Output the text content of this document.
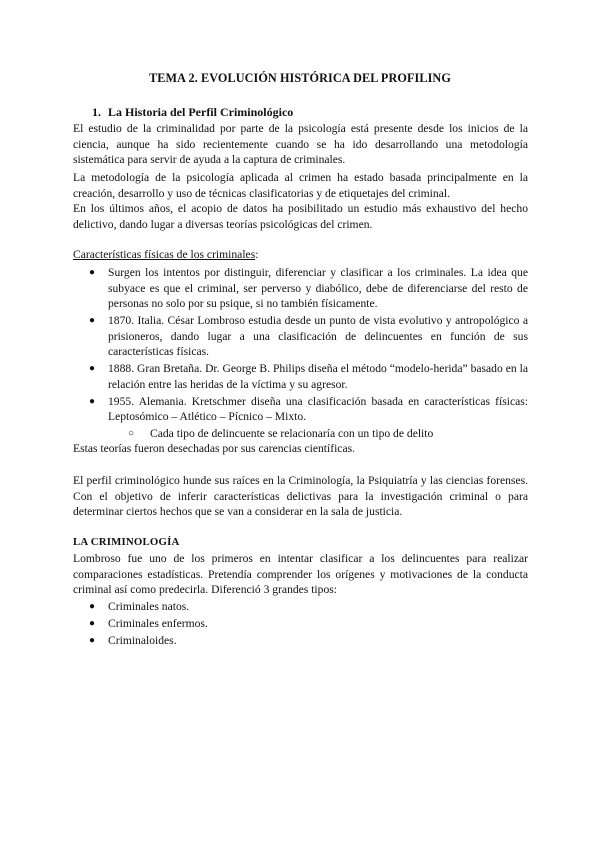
TEMA 2. EVOLUCIÓN HISTÓRICA DEL PROFILING
1. La Historia del Perfil Criminológico

El estudio de la criminalidad por parte de la psicología está presente desde los inicios de la ciencia, aunque ha sido recientemente cuando se ha ido desarrollando una metodología sistemática para servir de ayuda a la captura de criminales.

La metodología de la psicología aplicada al crimen ha estado basada principalmente en la creación, desarrollo y uso de técnicas clasificatorias y de etiquetajes del criminal.

En los últimos años, el acopio de datos ha posibilitado un estudio más exhaustivo del hecho delictivo, dando lugar a diversas teorías psicológicas del crimen.

Características físicas de los criminales:

● Surgen los intentos por distinguir, diferenciar y clasificar a los criminales. La idea que subyace es que el criminal, ser perverso y diabólico, debe de diferenciarse del resto de personas no solo por su psique, si no también físicamente.
● 1870. Italia. César Lombroso estudia desde un punto de vista evolutivo y antropológico a prisioneros, dando lugar a una clasificación de delincuentes en función de sus características físicas.
● 1888. Gran Bretaña. Dr. George B. Philips diseña el método “modelo-herida” basado en la relación entre las heridas de la víctima y su agresor.
● 1955. Alemania. Kretschmer diseña una clasificación basada en características físicas: Leptosómico – Atlético – Pícnico – Mixto.
○ Cada tipo de delincuente se relacionaría con un tipo de delito

Estas teorías fueron desechadas por sus carencias científicas.

El perfil criminológico hunde sus raíces en la Criminología, la Psiquiatría y las ciencias forenses. Con el objetivo de inferir características delictivas para la investigación criminal o para determinar ciertos hechos que se van a considerar en la sala de justicia.

LA CRIMINOLOGÍA

Lombroso fue uno de los primeros en intentar clasificar a los delincuentes para realizar comparaciones estadísticas. Pretendía comprender los orígenes y motivaciones de la conducta criminal así como predecirla. Diferenció 3 grandes tipos:

● Criminales natos.
● Criminales enfermos.
● Criminaloides.
